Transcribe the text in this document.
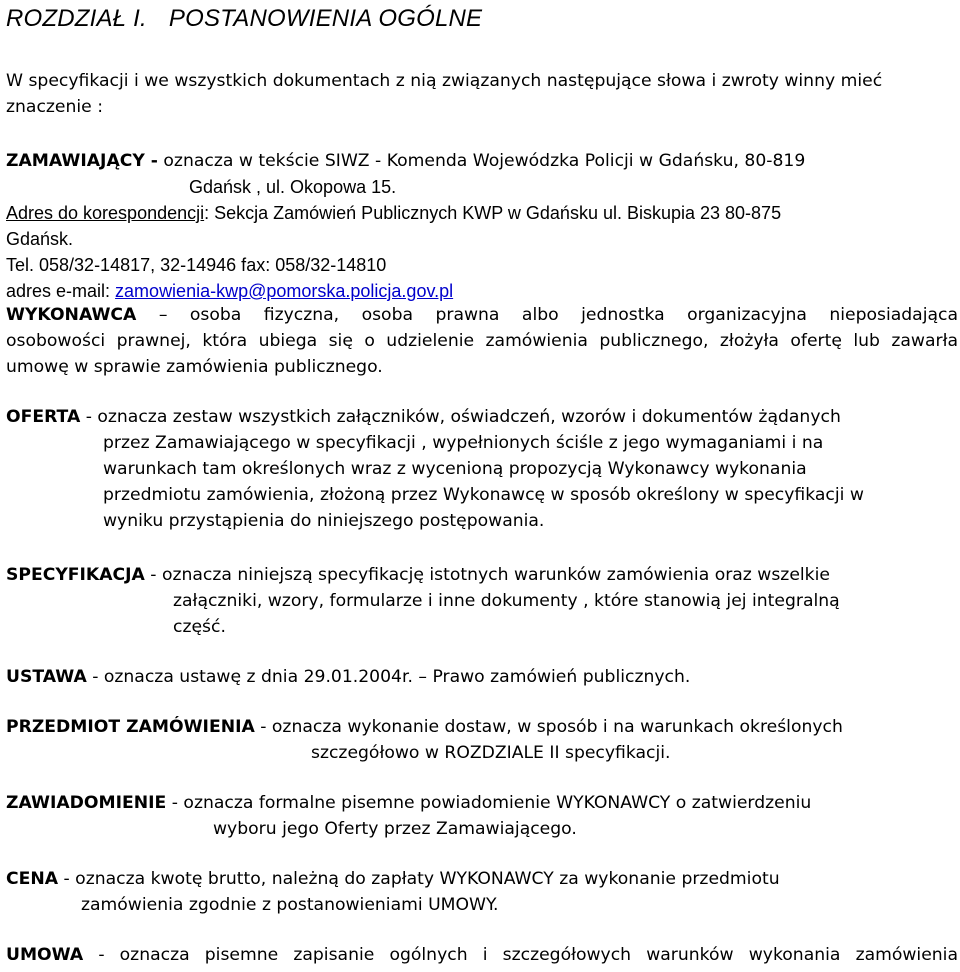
ROZDZIAŁ I. POSTANOWIENIA OGÓLNE
W specyfikacji i we wszystkich dokumentach z nią związanych następujące słowa i zwroty winny mieć
znaczenie :
ZAMAWIAJĄCY - oznacza w tekście SIWZ - Komenda Wojewódzka Policji w Gdańsku, 80-819
Gdańsk , ul. Okopowa 15.
Adres do korespondencji: Sekcja Zamówień Publicznych KWP w Gdańsku ul. Biskupia 23 80-875
Gdańsk.
Tel. 058/32-14817, 32-14946 fax: 058/32-14810
adres e-mail: zamowienia-kwp@pomorska.policja.gov.pl
WYKONAWCA – osoba fizyczna, osoba prawna albo jednostka organizacyjna nieposiadająca
osobowości prawnej, która ubiega się o udzielenie zamówienia publicznego, złożyła ofertę lub zawarła
umowę w sprawie zamówienia publicznego.
OFERTA - oznacza zestaw wszystkich załączników, oświadczeń, wzorów i dokumentów żądanych
przez Zamawiającego w specyfikacji , wypełnionych ściśle z jego wymaganiami i na
warunkach tam określonych wraz z wycenioną propozycją Wykonawcy wykonania
przedmiotu zamówienia, złożoną przez Wykonawcę w sposób określony w specyfikacji w
wyniku przystąpienia do niniejszego postępowania.
SPECYFIKACJA - oznacza niniejszą specyfikację istotnych warunków zamówienia oraz wszelkie
załączniki, wzory, formularze i inne dokumenty , które stanowią jej integralną
część.
USTAWA - oznacza ustawę z dnia 29.01.2004r. – Prawo zamówień publicznych.
PRZEDMIOT ZAMÓWIENIA - oznacza wykonanie dostaw, w sposób i na warunkach określonych
szczegółowo w ROZDZIALE II specyfikacji.
ZAWIADOMIENIE - oznacza formalne pisemne powiadomienie WYKONAWCY o zatwierdzeniu
wyboru jego Oferty przez Zamawiającego.
CENA - oznacza kwotę brutto, należną do zapłaty WYKONAWCY za wykonanie przedmiotu
zamówienia zgodnie z postanowieniami UMOWY.
UMOWA - oznacza pisemne zapisanie ogólnych i szczegółowych warunków wykonania zamówienia
